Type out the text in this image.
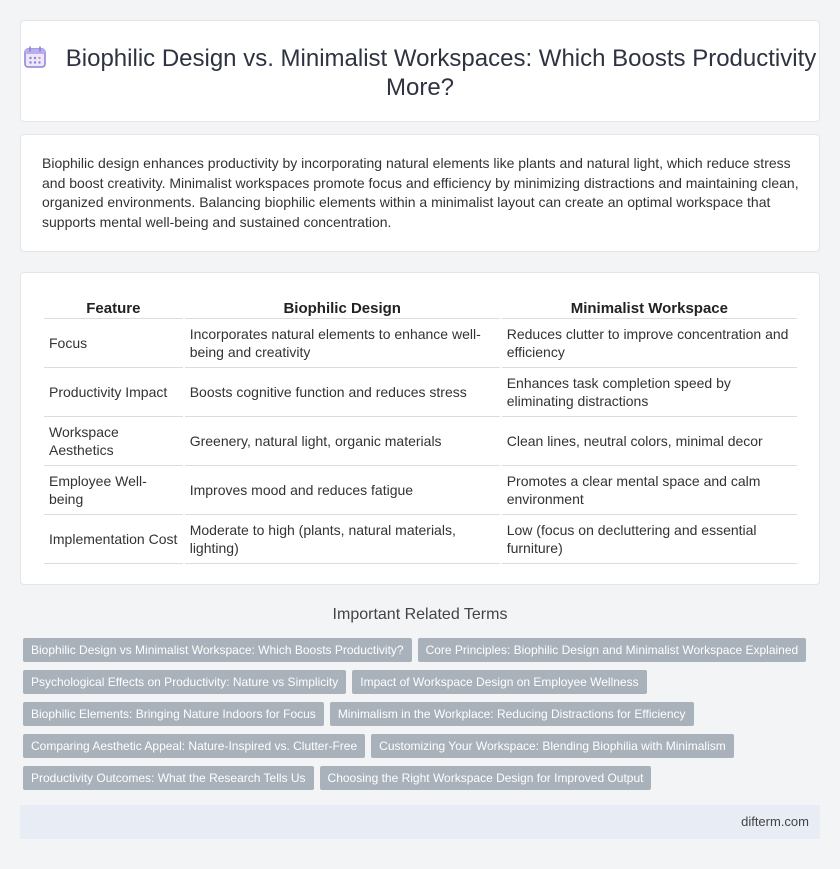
Biophilic Design vs. Minimalist Workspaces: Which Boosts Productivity More?

Biophilic design enhances productivity by incorporating natural elements like plants and natural light, which reduce stress and boost creativity. Minimalist workspaces promote focus and efficiency by minimizing distractions and maintaining clean, organized environments. Balancing biophilic elements within a minimalist layout can create an optimal workspace that supports mental well-being and sustained concentration.

Feature	Biophilic Design	Minimalist Workspace
Focus	Incorporates natural elements to enhance well-being and creativity	Reduces clutter to improve concentration and efficiency
Productivity Impact	Boosts cognitive function and reduces stress	Enhances task completion speed by eliminating distractions
Workspace Aesthetics	Greenery, natural light, organic materials	Clean lines, neutral colors, minimal decor
Employee Well-being	Improves mood and reduces fatigue	Promotes a clear mental space and calm environment
Implementation Cost	Moderate to high (plants, natural materials, lighting)	Low (focus on decluttering and essential furniture)
Important Related Terms
Biophilic Design vs Minimalist Workspace: Which Boosts Productivity? Core Principles: Biophilic Design and Minimalist Workspace Explained
Psychological Effects on Productivity: Nature vs Simplicity Impact of Workspace Design on Employee Wellness
Biophilic Elements: Bringing Nature Indoors for Focus Minimalism in the Workplace: Reducing Distractions for Efficiency
Comparing Aesthetic Appeal: Nature-Inspired vs. Clutter-Free Customizing Your Workspace: Blending Biophilia with Minimalism
Productivity Outcomes: What the Research Tells Us Choosing the Right Workspace Design for Improved Output
difterm.com
